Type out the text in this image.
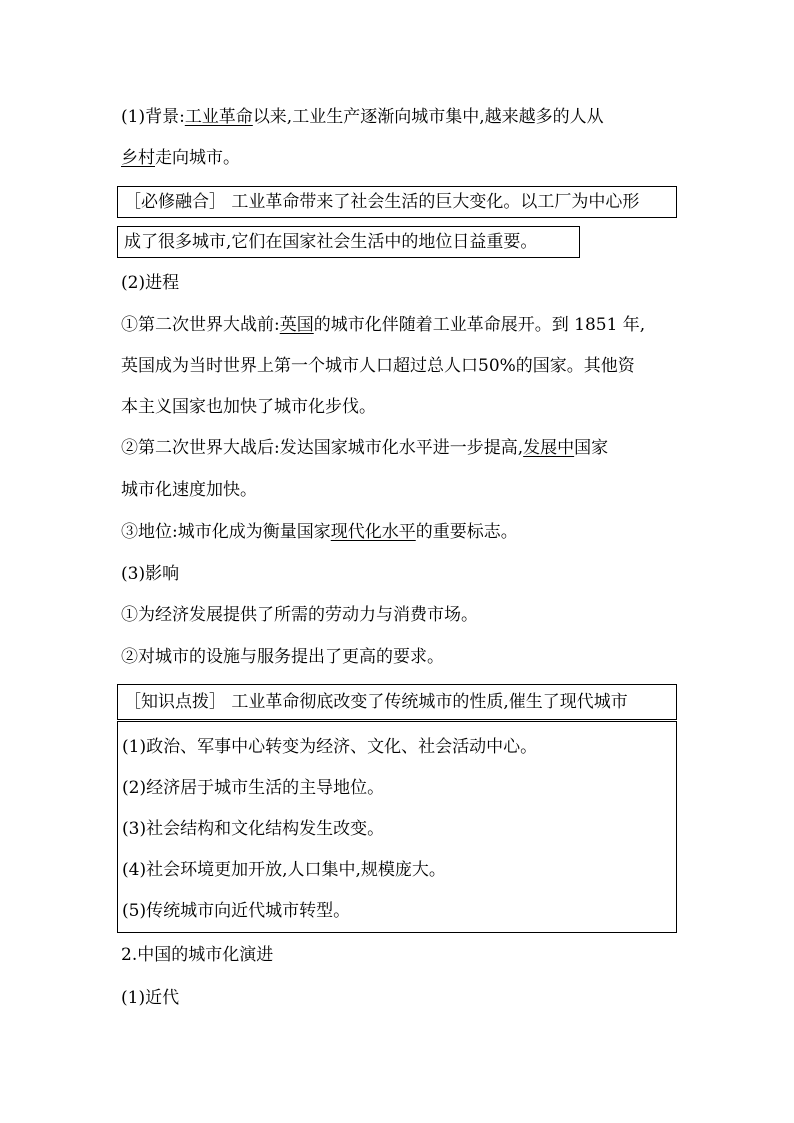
(1)背景:工业革命以来,工业生产逐渐向城市集中,越来越多的人从
乡村走向城市。
［必修融合］ 工业革命带来了社会生活的巨大变化。以工厂为中心形
成了很多城市,它们在国家社会生活中的地位日益重要。
(2)进程
①第二次世界大战前:英国的城市化伴随着工业革命展开。到 1851 年,
英国成为当时世界上第一个城市人口超过总人口50%的国家。其他资
本主义国家也加快了城市化步伐。
②第二次世界大战后:发达国家城市化水平进一步提高,发展中国家
城市化速度加快。
③地位:城市化成为衡量国家现代化水平的重要标志。
(3)影响
①为经济发展提供了所需的劳动力与消费市场。
②对城市的设施与服务提出了更高的要求。
［知识点拨］ 工业革命彻底改变了传统城市的性质,催生了现代城市
(1)政治、军事中心转变为经济、文化、社会活动中心。
(2)经济居于城市生活的主导地位。
(3)社会结构和文化结构发生改变。
(4)社会环境更加开放,人口集中,规模庞大。
(5)传统城市向近代城市转型。
2.中国的城市化演进
(1)近代
